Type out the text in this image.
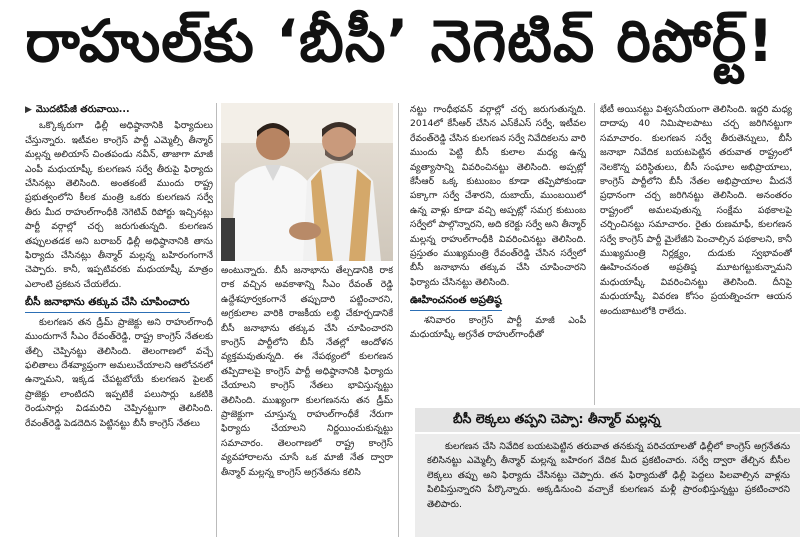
రాహుల్‌కు ‘బీసీ’ నెగెటివ్ రిపోర్ట్!
▶ మొదటిపేజీ తరువాయి...

ఒక్కొక్కరుగా ఢిల్లీ అధిష్ఠానానికి ఫిర్యాదులు చేస్తున్నారు. ఇటీవల కాంగ్రెస్ పార్టీ ఎమ్మెల్సీ తీన్మార్ మల్లన్న అలియాస్ చింతపండు నవీన్, తాజాగా మాజీ ఎంపీ మధుయాష్కీ కులగణన సర్వే తీరుపై ఫిర్యాదు చేసినట్లు తెలిసింది. అంతకంటే ముందు రాష్ట్ర ప్రభుత్వంలోని కీలక మంత్రి ఒకరు కులగణన సర్వే తీరు మీద రాహుల్‌గాంధీకి నెగెటివ్ రిపోర్టు ఇచ్చినట్లు పార్టీ వర్గాల్లో చర్చ జరుగుతున్నది. కులగణన తప్పులతడక అని బరాబర్ ఢిల్లీ అధిష్ఠానానికి తాను ఫిర్యాదు చేసినట్లు తీన్మార్ మల్లన్న బహిరంగంగానే చెప్పారు. కానీ, ఇప్పటివరకు మధుయాష్కీ మాత్రం ఎలాంటి ప్రకటన చేయలేదు.

బీసీ జనాభాను తక్కువ చేసి చూపించారు

కులగణన తన డ్రీమ్ ప్రాజెక్టు అని రాహుల్‌గాంధీ ముందుగానే సీఎం రేవంత్‌రెడ్డి, రాష్ట్ర కాంగ్రెస్ నేతలకు తేల్చి చెప్పినట్టు తెలిసింది. తెలంగాణలో వచ్చే ఫలితాలు దేశవ్యాప్తంగా అమలుచేయాలని ఆలోచనలో ఉన్నామని, ఇక్కడ చేపట్టబోయే కులగణన పైలట్ ప్రాజెక్టు లాంటిదని ఇప్పటికే పలుసార్లు ఒకటికి రెండుసార్లు విడమరిచి చెప్పినట్టుగా తెలిసింది. రేవంత్‌రెడ్డి పెడదెదిన పెట్టినట్టు బీసీ కాంగ్రెస్ నేతలు

అంటున్నారు. బీసీ జనాభాను తేల్చడానికి రాక రాక వచ్చిన అవకాశాన్ని సీఎం రేవంత్ రెడ్డి ఉద్దేశపూర్వకంగానే తప్పుదారి పట్టించారని, అగ్రకులాల వారికి రాజకీయ లబ్ధి చేకూర్చడానికే బీసీ జనాభాను తక్కువ చేసి చూపించారని కాంగ్రెస్ పార్టీలోని బీసీ నేతల్లో ఆందోళన వ్యక్తమవుతున్నది. ఈ నేపథ్యంలో కులగణన తప్పిదాలపై కాంగ్రెస్ పార్టీ అధిష్ఠానానికి ఫిర్యాదు చేయాలని కాంగ్రెస్ నేతలు భావిస్తున్నట్టు తెలిసింది. ముఖ్యంగా కులగణనను తన డ్రీమ్ ప్రాజెక్టుగా చూస్తున్న రాహుల్‌గాంధీకే నేరుగా ఫిర్యాదు చేయాలని నిర్ణయించుకున్నట్టు సమాచారం. తెలంగాణలో రాష్ట్ర కాంగ్రెస్ వ్యవహారాలను చూసే ఒక మాజీ నేత ద్వారా తీన్మార్ మల్లన్న కాంగ్రెస్ అగ్రనేతను కలిసి

నట్టు గాంధీభవన్ వర్గాల్లో చర్చ జరుగుతున్నది. 2014లో కేసీఆర్ చేసిన ఎస్‌కేఎస్ సర్వే, ఇటీవల రేవంత్‌రెడ్డి చేసిన కులగణన సర్వే నివేదికలను వారి ముందు పెట్టి బీసీ కులాల మధ్య ఉన్న వ్యత్యాసాన్ని వివరించినట్టు తెలిసింది. అప్పట్లో కేసీఆర్ ఒక్క కుటుంబం కూడా తప్పిపోకుండా పక్కాగా సర్వే చేశారని, దుబాయ్, ముంబయిలో ఉన్న వాళ్లు కూడా వచ్చి అప్పట్లో సమగ్ర కుటుంబ సర్వేలో పాల్గొన్నారని, అది కరెక్టు సర్వే అని తీన్మార్ మల్లన్న రాహుల్‌గాంధీకి వివరించినట్టు తెలిసింది. ప్రస్తుతం ముఖ్యమంత్రి రేవంత్‌రెడ్డి చేసిన సర్వేలో బీసీ జనాభాను తక్కువ చేసి చూపించారని ఫిర్యాదు చేసినట్టు తెలిసింది.

ఊహించనంత అప్రతిష్ఠ

శనివారం కాంగ్రెస్ పార్టీ మాజీ ఎంపీ మధుయాష్కీ అగ్రనేత రాహుల్‌గాంధీతో

భేటీ అయినట్టు విశ్వసనీయంగా తెలిసింది. ఇద్దరి మధ్య దాదాపు 40 నిమిషాలపాటు చర్చ జరిగినట్టుగా సమాచారం. కులగణన సర్వే తీరుతెన్నులు, బీసీ జనాభా నివేదిక బయటపెట్టిన తరువాత రాష్ట్రంలో నెలకొన్న పరిస్థితులు, బీసీ సంఘాల అభిప్రాయాలు, కాంగ్రెస్ పార్టీలోని బీసీ నేతల అభిప్రాయాల మీదనే ప్రధానంగా చర్చ జరిగినట్టు తెలిసింది. అనంతరం రాష్ట్రంలో అమలవుతున్న సంక్షేమ పథకాలపై చర్చించినట్టు సమాచారం. రైతు రుణమాఫీ, కులగణన సర్వే కాంగ్రెస్ పార్టీ మైలేజీని పెంచాల్సిన పథకాలని, కానీ ముఖ్యమంత్రి నిర్లక్ష్యం, దుడుకు స్వభావంతో ఊహించనంత అప్రతిష్ఠ మూటగట్టుకున్నామని మధుయాష్కీ వివరించినట్టు తెలిసింది. దీనిపై మధుయాష్కీ వివరణ కోసం ప్రయత్నించగా ఆయన అందుబాటులోకి రాలేదు.

బీసీ లెక్కలు తప్పని చెప్పా: తీన్మార్ మల్లన్న

కులగణన చేసి నివేదిక బయటపెట్టిన తరువాత తనకున్న పరిచయాలతో ఢిల్లీలో కాంగ్రెస్ అగ్రనేతను కలిసినట్టు ఎమ్మెల్సీ తీన్మార్ మల్లన్న బహిరంగ వేదిక మీద ప్రకటించారు. సర్వే ద్వారా తేల్చిన బీసీల లెక్కలు తప్పు అని ఫిర్యాదు చేసినట్టు చెప్పారు. తన ఫిర్యాదుతో ఢిల్లీ పెద్దలు పిలవాల్సిన వాళ్లను పిలిపిస్తున్నారని పేర్కొన్నారు. అక్కడినుంచి వచ్చాకే కులగణన మళ్లీ ప్రారంభిస్తున్నట్టు ప్రకటించారని తెలిపారు.
